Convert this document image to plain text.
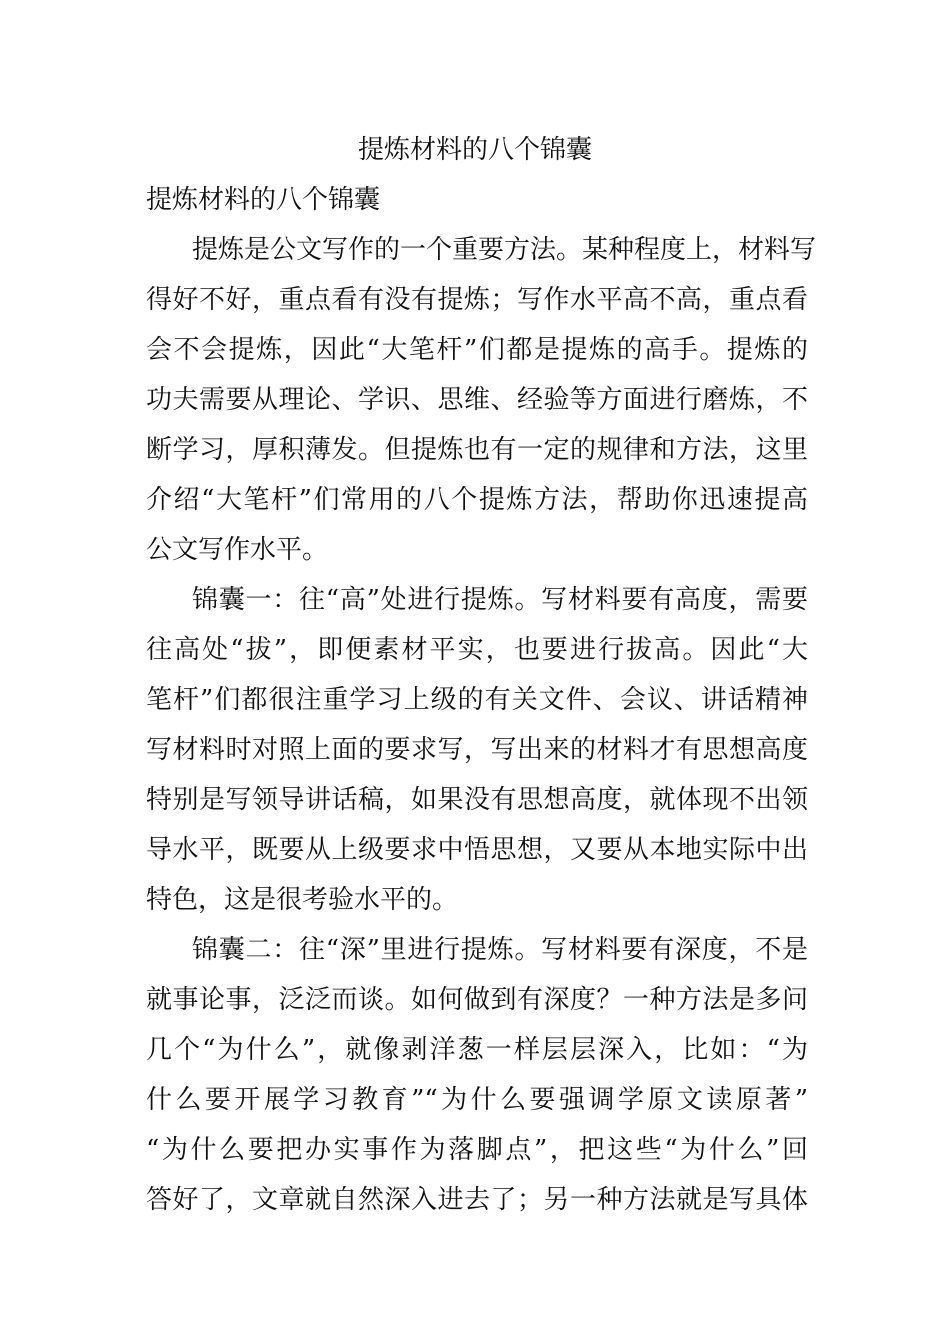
提炼材料的八个锦囊
提炼材料的八个锦囊
提炼是公文写作的一个重要方法。某种程度上，材料写
得好不好，重点看有没有提炼；写作水平高不高，重点看
会不会提炼，因此“大笔杆”们都是提炼的高手。提炼的
功夫需要从理论、学识、思维、经验等方面进行磨炼，不
断学习，厚积薄发。但提炼也有一定的规律和方法，这里
介绍“大笔杆”们常用的八个提炼方法，帮助你迅速提高
公文写作水平。
锦囊一：往“高”处进行提炼。写材料要有高度，需要
往高处“拔”，即便素材平实，也要进行拔高。因此“大
笔杆”们都很注重学习上级的有关文件、会议、讲话精神
写材料时对照上面的要求写，写出来的材料才有思想高度
特别是写领导讲话稿，如果没有思想高度，就体现不出领
导水平，既要从上级要求中悟思想，又要从本地实际中出
特色，这是很考验水平的。
锦囊二：往“深”里进行提炼。写材料要有深度，不是
就事论事，泛泛而谈。如何做到有深度？一种方法是多问
几个“为什么”，就像剥洋葱一样层层深入，比如：“为
什么要开展学习教育”“为什么要强调学原文读原著”
“为什么要把办实事作为落脚点”，把这些“为什么”回
答好了，文章就自然深入进去了；另一种方法就是写具体
